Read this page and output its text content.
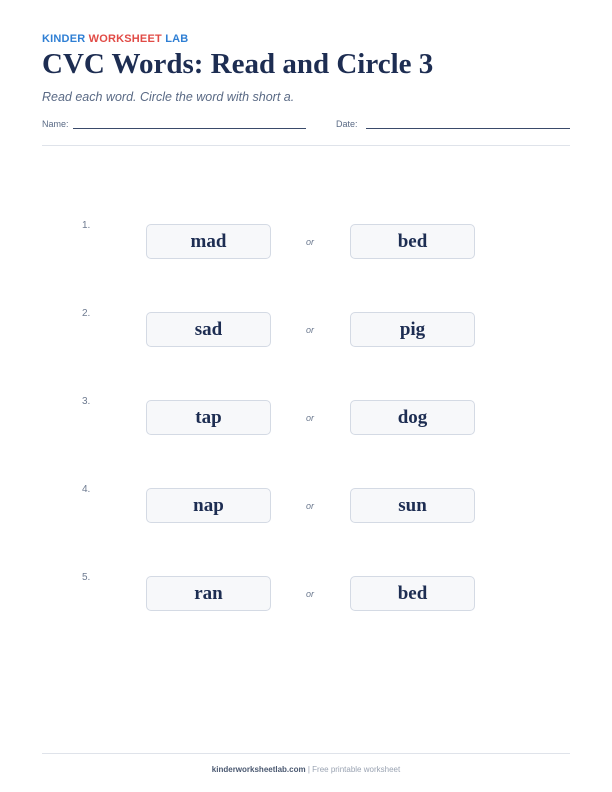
KINDER WORKSHEET LAB
CVC Words: Read and Circle 3
Read each word. Circle the word with short a.
Name:	Date:
1.
mad	or	bed
2.
sad	or	pig
3.
tap	or	dog
4.
nap	or	sun
5.
ran	or	bed
kinderworksheetlab.com | Free printable worksheet
